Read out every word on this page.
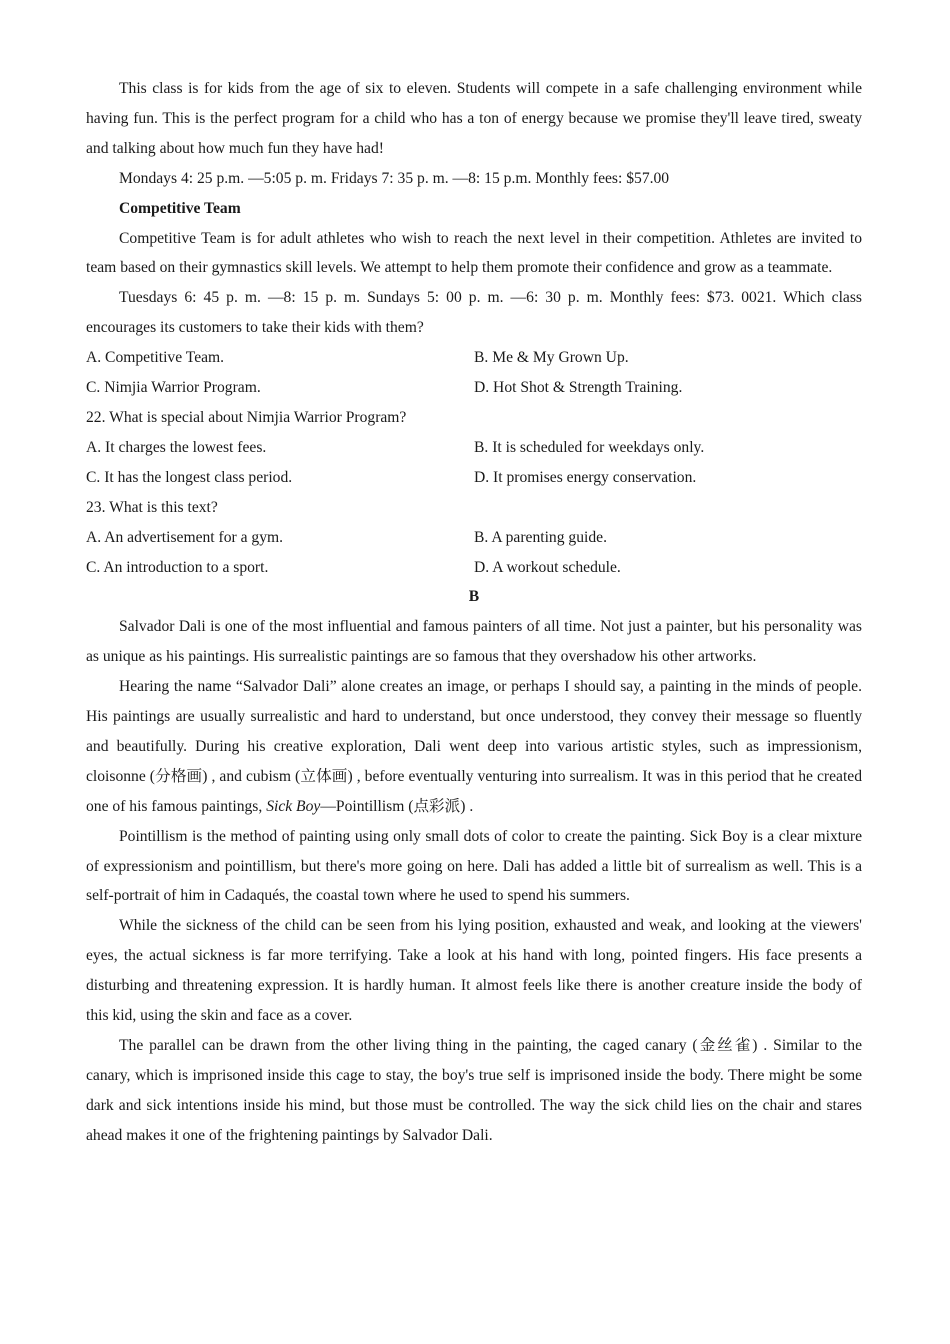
This class is for kids from the age of six to eleven. Students will compete in a safe challenging environment while having fun. This is the perfect program for a child who has a ton of energy because we promise they'll leave tired, sweaty and talking about how much fun they have had!

Mondays 4: 25 p.m. —5:05 p. m. Fridays 7: 35 p. m. —8: 15 p.m. Monthly fees: $57.00

Competitive Team

Competitive Team is for adult athletes who wish to reach the next level in their competition. Athletes are invited to team based on their gymnastics skill levels. We attempt to help them promote their confidence and grow as a teammate.

Tuesdays 6: 45 p. m. —8: 15 p. m. Sundays 5: 00 p. m. —6: 30 p. m. Monthly fees: $73. 0021. Which class encourages its customers to take their kids with them?

A. Competitive Team.	B. Me & My Grown Up.
C. Nimjia Warrior Program.	D. Hot Shot & Strength Training.
22. What is special about Nimjia Warrior Program?
A. It charges the lowest fees.	B. It is scheduled for weekdays only.
C. It has the longest class period.	D. It promises energy conservation.
23. What is this text?
A. An advertisement for a gym.	B. A parenting guide.
C. An introduction to a sport.	D. A workout schedule.

B

Salvador Dali is one of the most influential and famous painters of all time. Not just a painter, but his personality was as unique as his paintings. His surrealistic paintings are so famous that they overshadow his other artworks.

Hearing the name “Salvador Dali” alone creates an image, or perhaps I should say, a painting in the minds of people. His paintings are usually surrealistic and hard to understand, but once understood, they convey their message so fluently and beautifully. During his creative exploration, Dali went deep into various artistic styles, such as impressionism, cloisonne (分格画) , and cubism (立体画) , before eventually venturing into surrealism. It was in this period that he created one of his famous paintings, Sick Boy—Pointillism (点彩派) .

Pointillism is the method of painting using only small dots of color to create the painting. Sick Boy is a clear mixture of expressionism and pointillism, but there's more going on here. Dali has added a little bit of surrealism as well. This is a self-portrait of him in Cadaqués, the coastal town where he used to spend his summers.

While the sickness of the child can be seen from his lying position, exhausted and weak, and looking at the viewers' eyes, the actual sickness is far more terrifying. Take a look at his hand with long, pointed fingers. His face presents a disturbing and threatening expression. It is hardly human. It almost feels like there is another creature inside the body of this kid, using the skin and face as a cover.

The parallel can be drawn from the other living thing in the painting, the caged canary (金丝雀) . Similar to the canary, which is imprisoned inside this cage to stay, the boy's true self is imprisoned inside the body. There might be some dark and sick intentions inside his mind, but those must be controlled. The way the sick child lies on the chair and stares ahead makes it one of the frightening paintings by Salvador Dali.
